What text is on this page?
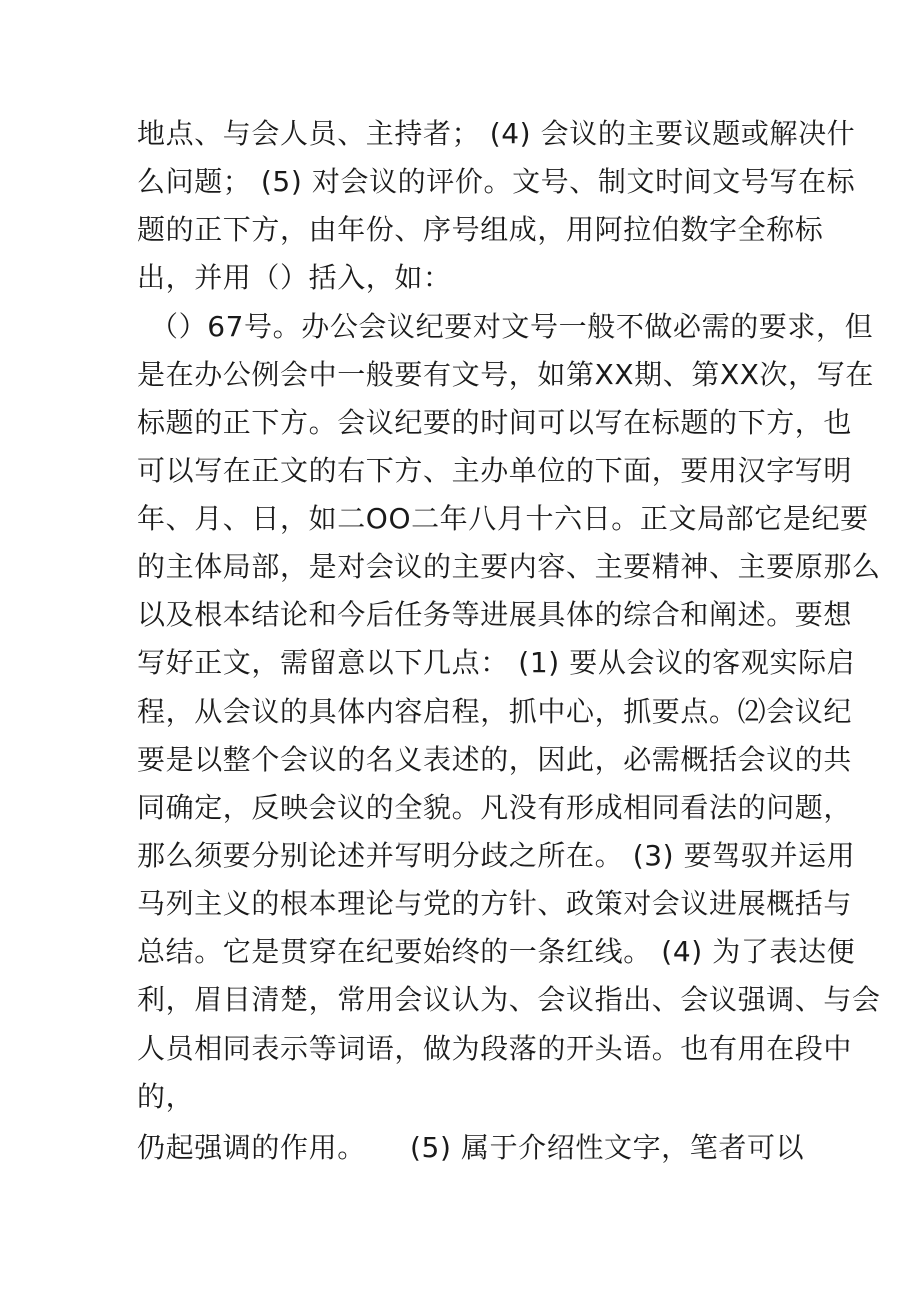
地点、与会人员、主持者； (4) 会议的主要议题或解决什
么问题； (5) 对会议的评价。文号、制文时间文号写在标
题的正下方，由年份、序号组成，用阿拉伯数字全称标
出，并用（）括入，如：
（）67号。办公会议纪要对文号一般不做必需的要求，但
是在办公例会中一般要有文号，如第XX期、第XX次，写在
标题的正下方。会议纪要的时间可以写在标题的下方，也
可以写在正文的右下方、主办单位的下面，要用汉字写明
年、月、日，如二OO二年八月十六日。正文局部它是纪要
的主体局部，是对会议的主要内容、主要精神、主要原那么
以及根本结论和今后任务等进展具体的综合和阐述。要想
写好正文，需留意以下几点： (1) 要从会议的客观实际启
程，从会议的具体内容启程，抓中心，抓要点。⑵会议纪
要是以整个会议的名义表述的，因此，必需概括会议的共
同确定，反映会议的全貌。凡没有形成相同看法的问题，
那么须要分别论述并写明分歧之所在。 (3) 要驾驭并运用
马列主义的根本理论与党的方针、政策对会议进展概括与
总结。它是贯穿在纪要始终的一条红线。 (4) 为了表达便
利，眉目清楚，常用会议认为、会议指出、会议强调、与会
人员相同表示等词语，做为段落的开头语。也有用在段中
的，
仍起强调的作用。 (5) 属于介绍性文字，笔者可以
